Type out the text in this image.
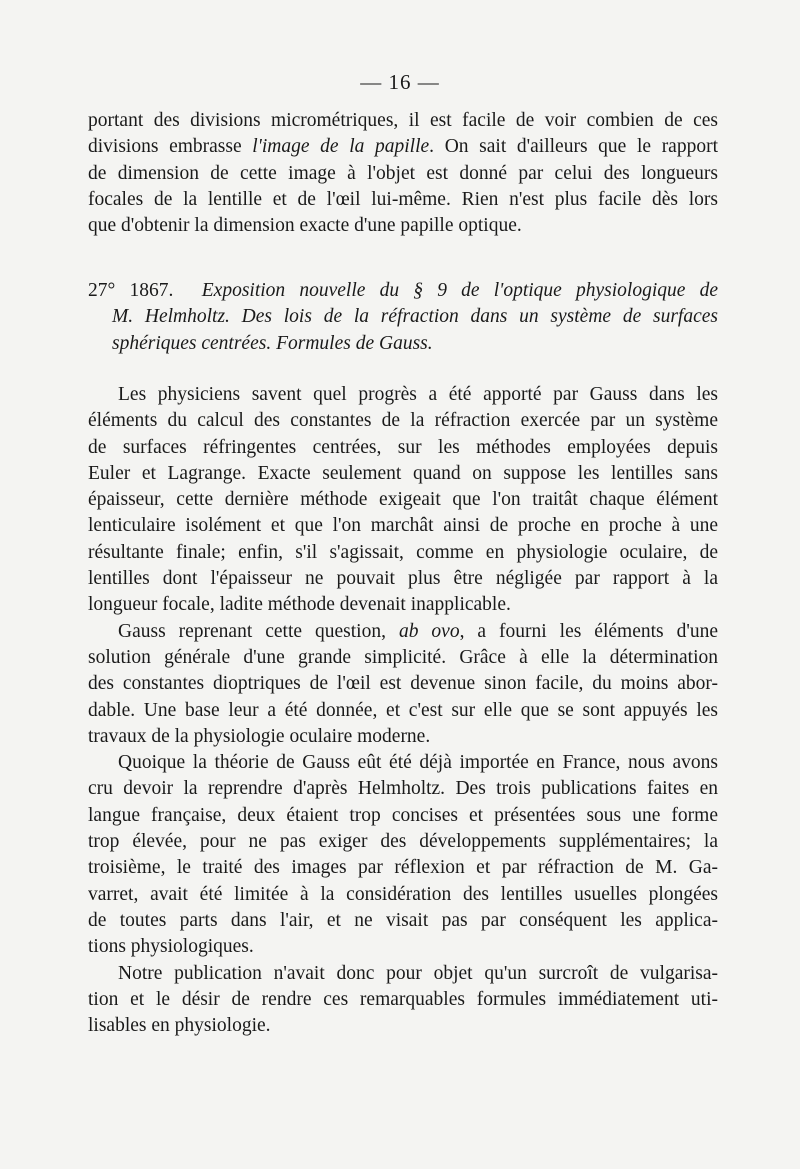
— 16 —
portant des divisions micrométriques, il est facile de voir combien de ces
divisions embrasse l'image de la papille. On sait d'ailleurs que le rapport
de dimension de cette image à l'objet est donné par celui des longueurs
focales de la lentille et de l'œil lui-même. Rien n'est plus facile dès lors
que d'obtenir la dimension exacte d'une papille optique.
27° 1867. Exposition nouvelle du § 9 de l'optique physiologique de
M. Helmholtz. Des lois de la réfraction dans un système de surfaces
sphériques centrées. Formules de Gauss.
Les physiciens savent quel progrès a été apporté par Gauss dans les
éléments du calcul des constantes de la réfraction exercée par un système
de surfaces réfringentes centrées, sur les méthodes employées depuis
Euler et Lagrange. Exacte seulement quand on suppose les lentilles sans
épaisseur, cette dernière méthode exigeait que l'on traitât chaque élément
lenticulaire isolément et que l'on marchât ainsi de proche en proche à une
résultante finale; enfin, s'il s'agissait, comme en physiologie oculaire, de
lentilles dont l'épaisseur ne pouvait plus être négligée par rapport à la
longueur focale, ladite méthode devenait inapplicable.
Gauss reprenant cette question, ab ovo, a fourni les éléments d'une
solution générale d'une grande simplicité. Grâce à elle la détermination
des constantes dioptriques de l'œil est devenue sinon facile, du moins abor-
dable. Une base leur a été donnée, et c'est sur elle que se sont appuyés les
travaux de la physiologie oculaire moderne.
Quoique la théorie de Gauss eût été déjà importée en France, nous avons
cru devoir la reprendre d'après Helmholtz. Des trois publications faites en
langue française, deux étaient trop concises et présentées sous une forme
trop élevée, pour ne pas exiger des développements supplémentaires; la
troisième, le traité des images par réflexion et par réfraction de M. Ga-
varret, avait été limitée à la considération des lentilles usuelles plongées
de toutes parts dans l'air, et ne visait pas par conséquent les applica-
tions physiologiques.
Notre publication n'avait donc pour objet qu'un surcroît de vulgarisa-
tion et le désir de rendre ces remarquables formules immédiatement uti-
lisables en physiologie.
